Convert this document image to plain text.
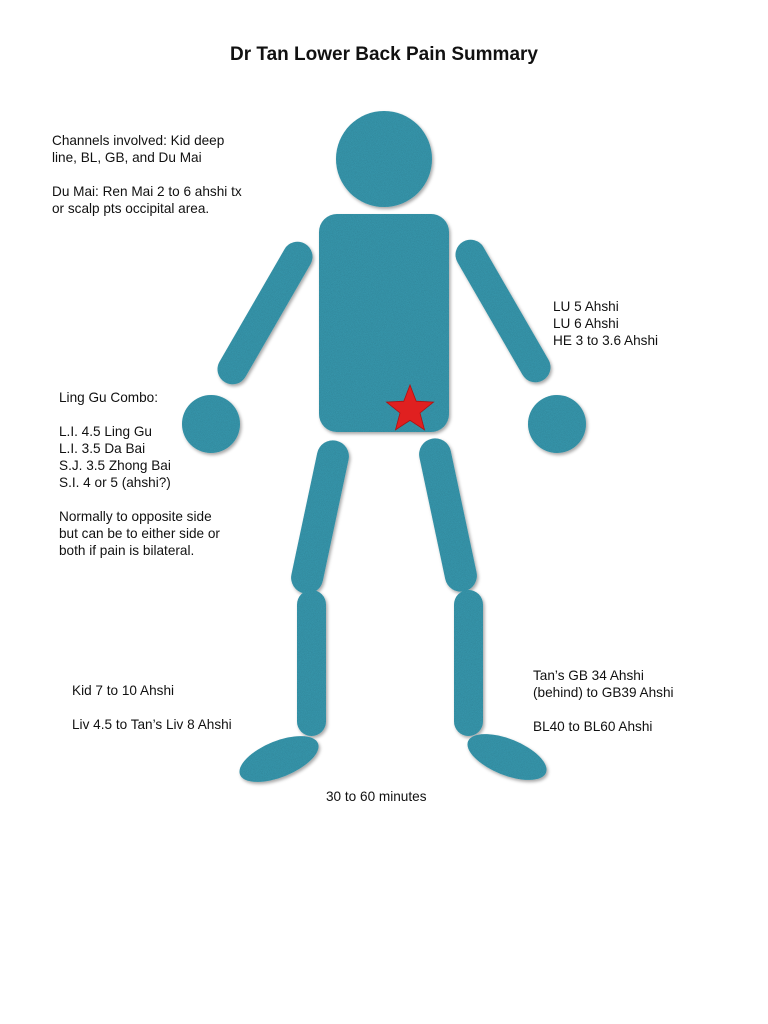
Dr Tan Lower Back Pain Summary
Channels involved: Kid deep
line, BL, GB, and Du Mai
Du Mai: Ren Mai 2 to 6 ahshi tx
or scalp pts occipital area.
LU 5 Ahshi
LU 6 Ahshi
HE 3 to 3.6 Ahshi
Ling Gu Combo:
L.I. 4.5 Ling Gu
L.I. 3.5 Da Bai
S.J. 3.5 Zhong Bai
S.I. 4 or 5 (ahshi?)
Normally to opposite side
but can be to either side or
both if pain is bilateral.
Kid 7 to 10 Ahshi
Liv 4.5 to Tan’s Liv 8 Ahshi
Tan’s GB 34 Ahshi
(behind) to GB39 Ahshi
BL40 to BL60 Ahshi
30 to 60 minutes
